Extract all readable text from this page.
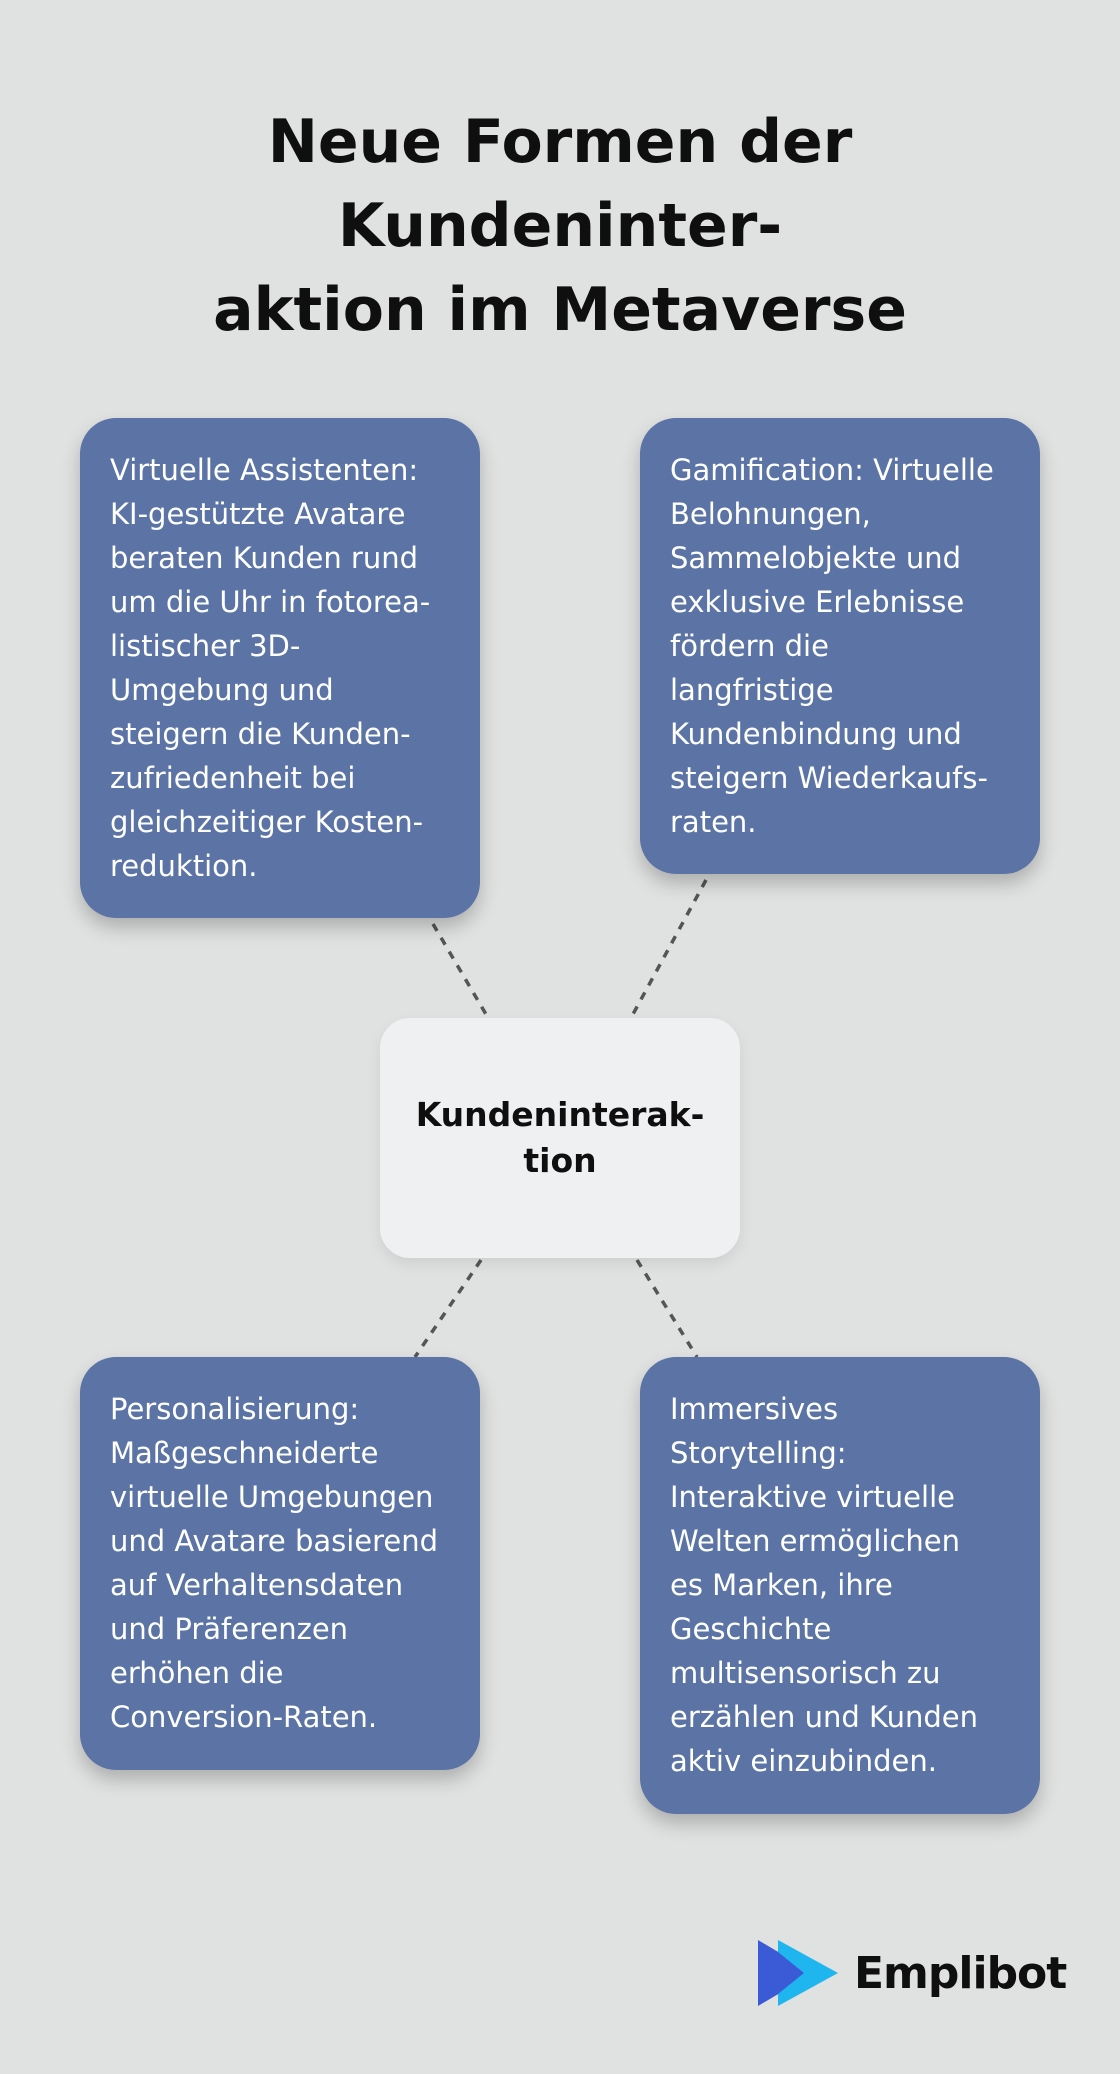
Neue Formen der Kundeninter-
aktion im Metaverse
Virtuelle Assistenten:
KI-gestützte Avatare
beraten Kunden rund
um die Uhr in fotorea-
listischer 3D-
Umgebung und
steigern die Kunden-
zufriedenheit bei
gleichzeitiger Kosten-
reduktion.
Gamification: Virtuelle
Belohnungen,
Sammelobjekte und
exklusive Erlebnisse
fördern die
langfristige
Kundenbindung und
steigern Wiederkaufs-
raten.
Personalisierung:
Maßgeschneiderte
virtuelle Umgebungen
und Avatare basierend
auf Verhaltensdaten
und Präferenzen
erhöhen die
Conversion-Raten.
Immersives
Storytelling:
Interaktive virtuelle
Welten ermöglichen
es Marken, ihre
Geschichte
multisensorisch zu
erzählen und Kunden
aktiv einzubinden.
Kundeninterak-
tion
Emplibot
